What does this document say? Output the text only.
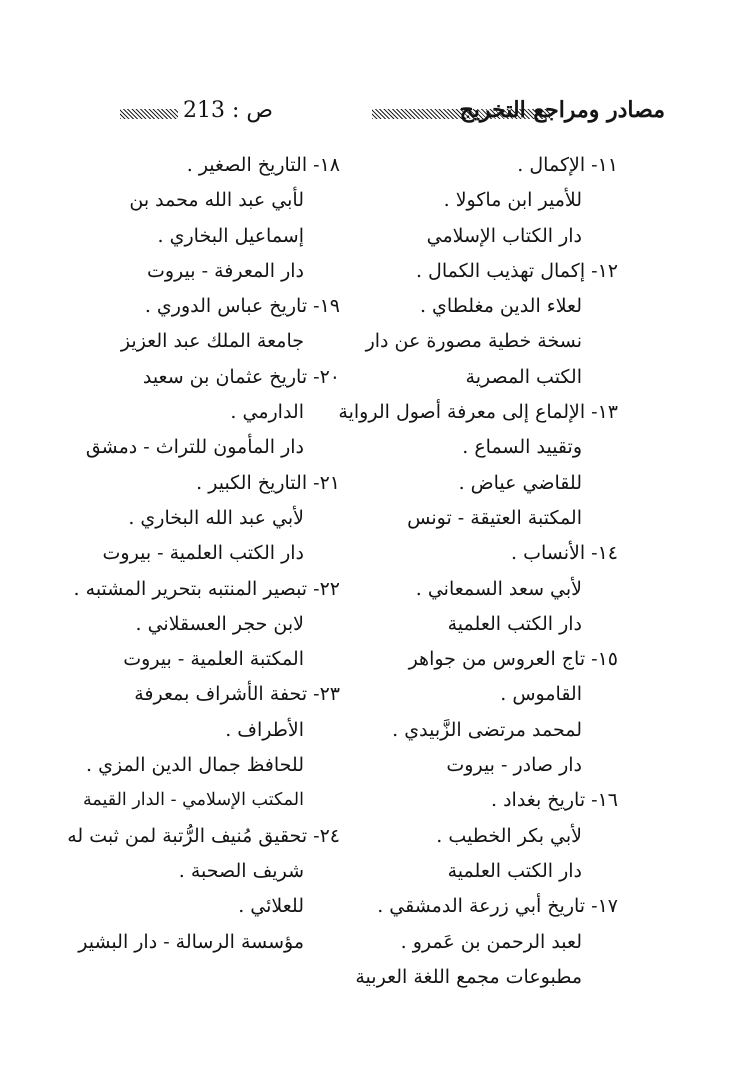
ص : 213	مصادر ومراجع التخريج
١١- الإكمال .
للأمير ابن ماكولا .
دار الكتاب الإسلامي
١٢- إكمال تهذيب الكمال .
لعلاء الدين مغلطاي .
نسخة خطية مصورة عن دار
الكتب المصرية
١٣- الإلماع إلى معرفة أصول الرواية
وتقييد السماع .
للقاضي عياض .
المكتبة العتيقة - تونس
١٤- الأنساب .
لأبي سعد السمعاني .
دار الكتب العلمية
١٥- تاج العروس من جواهر
القاموس .
لمحمد مرتضى الزَّبيدي .
دار صادر - بيروت
١٦- تاريخ بغداد .
لأبي بكر الخطيب .
دار الكتب العلمية
١٧- تاريخ أبي زرعة الدمشقي .
لعبد الرحمن بن عَمرو .
مطبوعات مجمع اللغة العربية
١٨- التاريخ الصغير .
لأبي عبد الله محمد بن
إسماعيل البخاري .
دار المعرفة - بيروت
١٩- تاريخ عباس الدوري .
جامعة الملك عبد العزيز
٢٠- تاريخ عثمان بن سعيد
الدارمي .
دار المأمون للتراث - دمشق
٢١- التاريخ الكبير .
لأبي عبد الله البخاري .
دار الكتب العلمية - بيروت
٢٢- تبصير المنتبه بتحرير المشتبه .
لابن حجر العسقلاني .
المكتبة العلمية - بيروت
٢٣- تحفة الأشراف بمعرفة
الأطراف .
للحافظ جمال الدين المزي .
المكتب الإسلامي - الدار القيمة
٢٤- تحقيق مُنيف الرُّتبة لمن ثبت له
شريف الصحبة .
للعلائي .
مؤسسة الرسالة - دار البشير
